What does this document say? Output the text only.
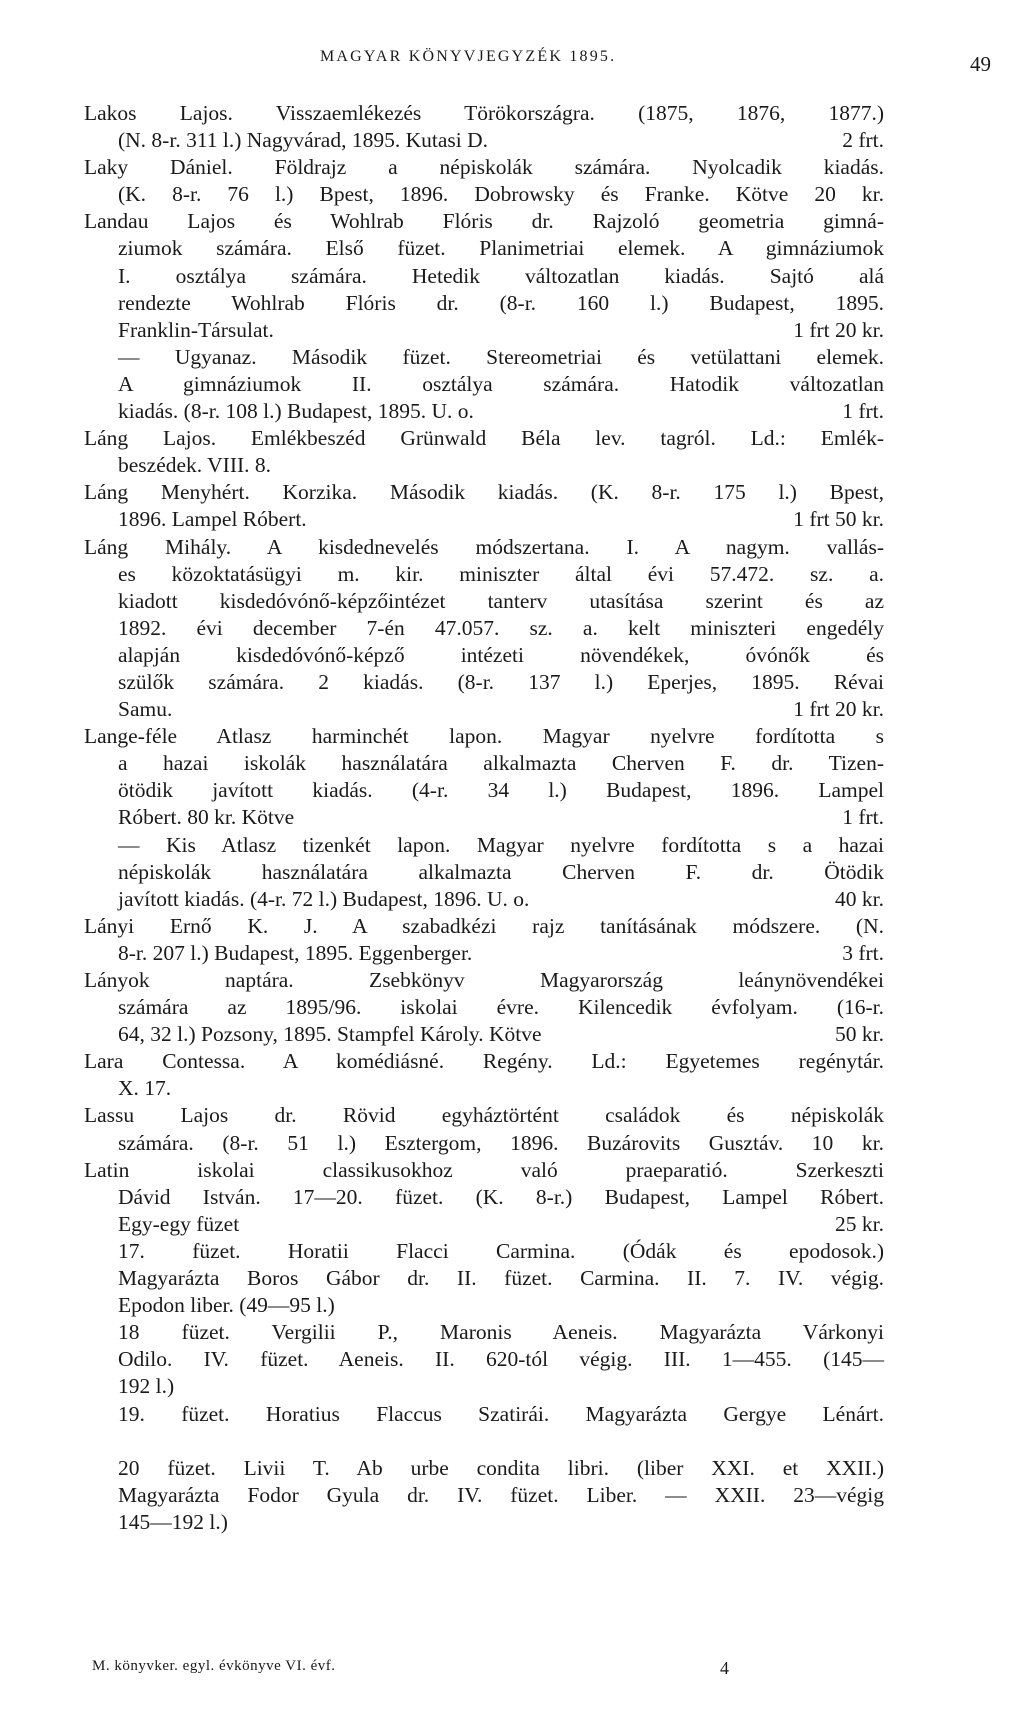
MAGYAR KÖNYVJEGYZÉK 1895.	49
Lakos Lajos. Visszaemlékezés Törökországra. (1875, 1876, 1877.)
(N. 8-r. 311 l.) Nagyvárad, 1895. Kutasi D.	2 frt.
Laky Dániel. Földrajz a népiskolák számára. Nyolcadik kiadás.
(K. 8-r. 76 l.) Bpest, 1896. Dobrowsky és Franke. Kötve 20 kr.
Landau Lajos és Wohlrab Flóris dr. Rajzoló geometria gimná-
ziumok számára. Első füzet. Planimetriai elemek. A gimnáziumok
I. osztálya számára. Hetedik változatlan kiadás. Sajtó alá
rendezte Wohlrab Flóris dr. (8-r. 160 l.) Budapest, 1895.
Franklin-Társulat.	1 frt 20 kr.
— Ugyanaz. Második füzet. Stereometriai és vetülattani elemek.
A gimnáziumok II. osztálya számára. Hatodik változatlan
kiadás. (8-r. 108 l.) Budapest, 1895. U. o.	1 frt.
Láng Lajos. Emlékbeszéd Grünwald Béla lev. tagról. Ld.: Emlék-
beszédek. VIII. 8.
Láng Menyhért. Korzika. Második kiadás. (K. 8-r. 175 l.) Bpest,
1896. Lampel Róbert.	1 frt 50 kr.
Láng Mihály. A kisdednevelés módszertana. I. A nagym. vallás-
es közoktatásügyi m. kir. miniszter által évi 57.472. sz. a.
kiadott kisdedóvónő-képzőintézet tanterv utasítása szerint és az
1892. évi december 7-én 47.057. sz. a. kelt miniszteri engedély
alapján kisdedóvónő-képző intézeti növendékek, óvónők és
szülők számára. 2 kiadás. (8-r. 137 l.) Eperjes, 1895. Révai
Samu.	1 frt 20 kr.
Lange-féle Atlasz harminchét lapon. Magyar nyelvre fordította s
a hazai iskolák használatára alkalmazta Cherven F. dr. Tizen-
ötödik javított kiadás. (4-r. 34 l.) Budapest, 1896. Lampel
Róbert. 80 kr. Kötve	1 frt.
— Kis Atlasz tizenkét lapon. Magyar nyelvre fordította s a hazai
népiskolák használatára alkalmazta Cherven F. dr. Ötödik
javított kiadás. (4-r. 72 l.) Budapest, 1896. U. o.	40 kr.
Lányi Ernő K. J. A szabadkézi rajz tanításának módszere. (N.
8-r. 207 l.) Budapest, 1895. Eggenberger.	3 frt.
Lányok naptára. Zsebkönyv Magyarország leánynövendékei
számára az 1895/96. iskolai évre. Kilencedik évfolyam. (16-r.
64, 32 l.) Pozsony, 1895. Stampfel Károly. Kötve	50 kr.
Lara Contessa. A komédiásné. Regény. Ld.: Egyetemes regénytár.
X. 17.
Lassu Lajos dr. Rövid egyháztörtént családok és népiskolák
számára. (8-r. 51 l.) Esztergom, 1896. Buzárovits Gusztáv. 10 kr.
Latin iskolai classikusokhoz való praeparatió. Szerkeszti
Dávid István. 17—20. füzet. (K. 8-r.) Budapest, Lampel Róbert.
Egy-egy füzet	25 kr.
17. füzet. Horatii Flacci Carmina. (Ódák és epodosok.)
Magyarázta Boros Gábor dr. II. füzet. Carmina. II. 7. IV. végig.
Epodon liber. (49—95 l.)
18 füzet. Vergilii P., Maronis Aeneis. Magyarázta Várkonyi
Odilo. IV. füzet. Aeneis. II. 620-tól végig. III. 1—455. (145—
192 l.)
19. füzet. Horatius Flaccus Szatirái. Magyarázta Gergye Lénárt.
20 füzet. Livii T. Ab urbe condita libri. (liber XXI. et XXII.)
Magyarázta Fodor Gyula dr. IV. füzet. Liber. — XXII. 23—végig
145—192 l.)
M. könyvker. egyl. évkönyve VI. évf.	4
